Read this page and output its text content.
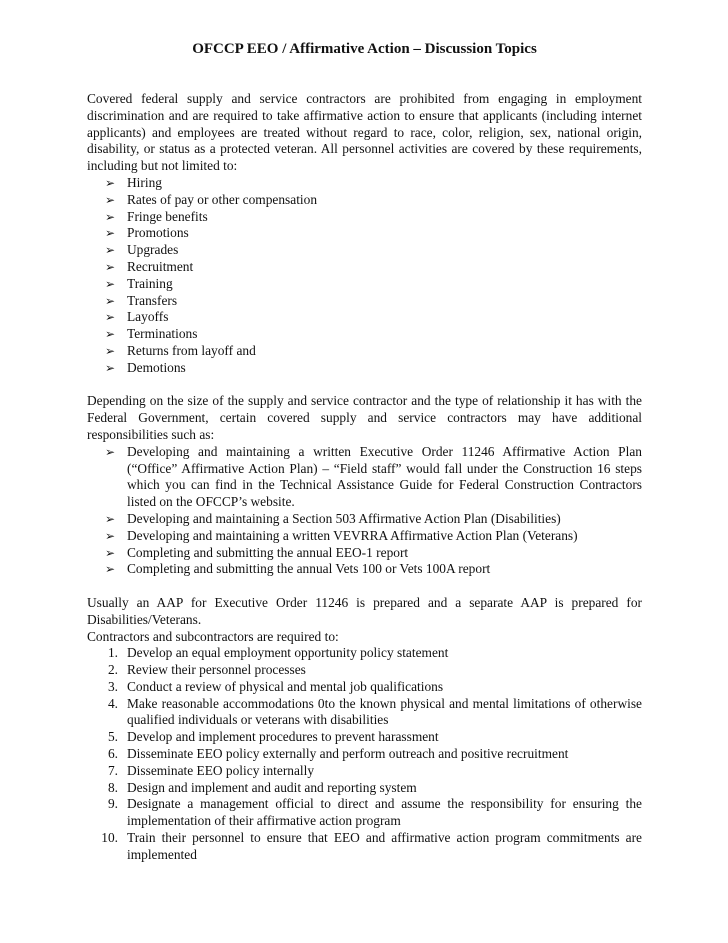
OFCCP EEO / Affirmative Action – Discussion Topics

Covered federal supply and service contractors are prohibited from engaging in employment discrimination and are required to take affirmative action to ensure that applicants (including internet applicants) and employees are treated without regard to race, color, religion, sex, national origin, disability, or status as a protected veteran. All personnel activities are covered by these requirements, including but not limited to:

➢ Hiring
➢ Rates of pay or other compensation
➢ Fringe benefits
➢ Promotions
➢ Upgrades
➢ Recruitment
➢ Training
➢ Transfers
➢ Layoffs
➢ Terminations
➢ Returns from layoff and
➢ Demotions

Depending on the size of the supply and service contractor and the type of relationship it has with the Federal Government, certain covered supply and service contractors may have additional responsibilities such as:

➢ Developing and maintaining a written Executive Order 11246 Affirmative Action Plan (“Office” Affirmative Action Plan) – “Field staff” would fall under the Construction 16 steps which you can find in the Technical Assistance Guide for Federal Construction Contractors listed on the OFCCP’s website.
➢ Developing and maintaining a Section 503 Affirmative Action Plan (Disabilities)
➢ Developing and maintaining a written VEVRRA Affirmative Action Plan (Veterans)
➢ Completing and submitting the annual EEO-1 report
➢ Completing and submitting the annual Vets 100 or Vets 100A report

Usually an AAP for Executive Order 11246 is prepared and a separate AAP is prepared for Disabilities/Veterans.

Contractors and subcontractors are required to:

1. Develop an equal employment opportunity policy statement
2. Review their personnel processes
3. Conduct a review of physical and mental job qualifications
4. Make reasonable accommodations 0to the known physical and mental limitations of otherwise qualified individuals or veterans with disabilities
5. Develop and implement procedures to prevent harassment
6. Disseminate EEO policy externally and perform outreach and positive recruitment
7. Disseminate EEO policy internally
8. Design and implement and audit and reporting system
9. Designate a management official to direct and assume the responsibility for ensuring the implementation of their affirmative action program
10. Train their personnel to ensure that EEO and affirmative action program commitments are implemented
